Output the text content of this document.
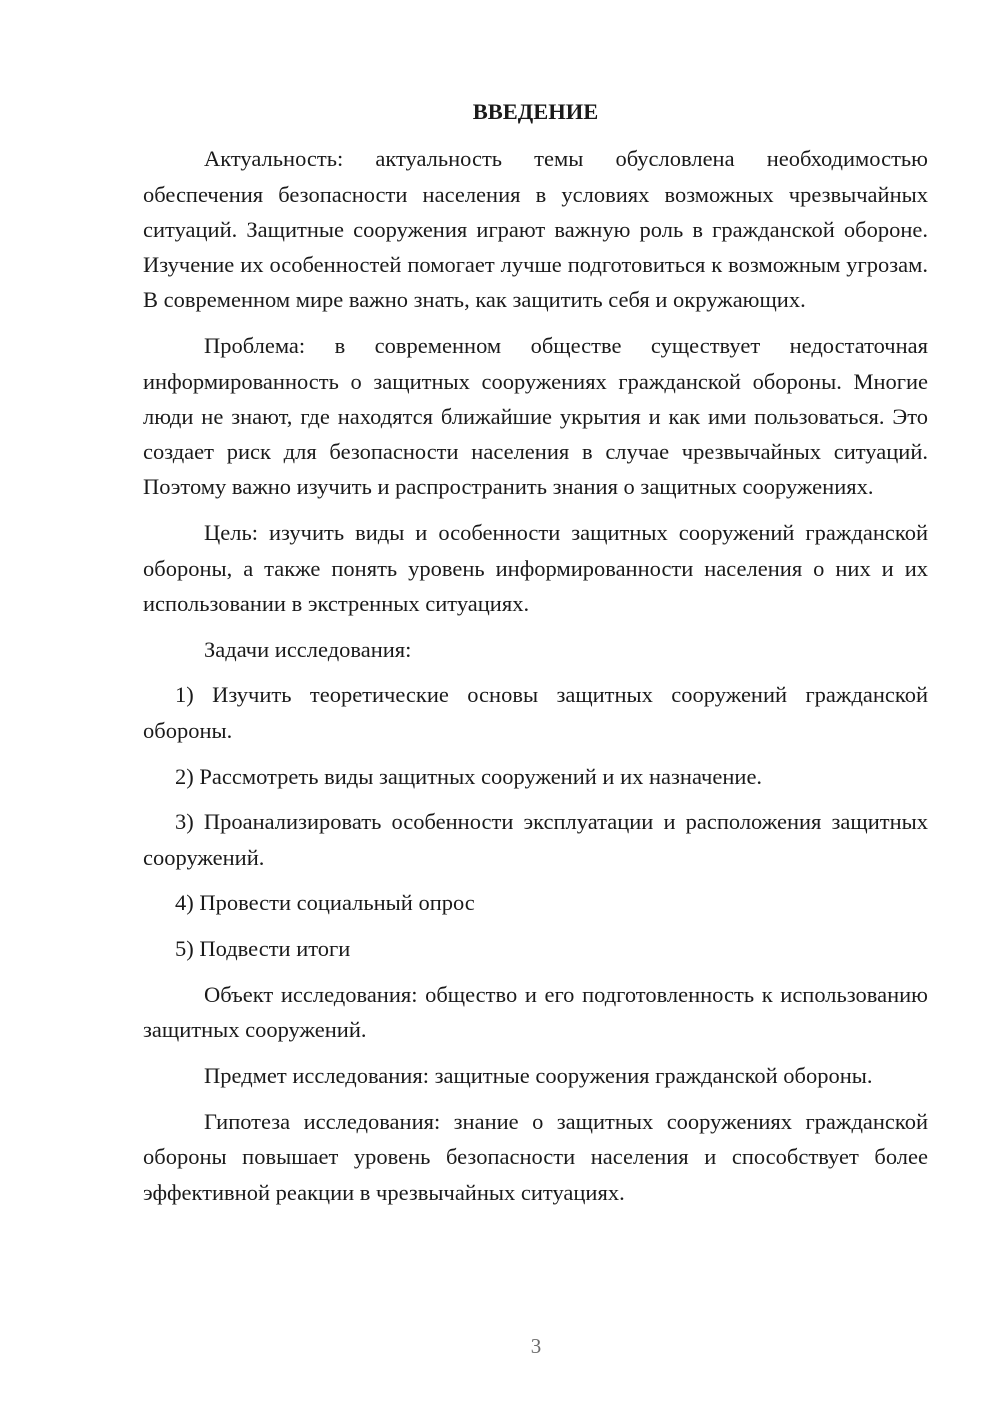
ВВЕДЕНИЕ

Актуальность: актуальность темы обусловлена необходимостью обеспечения безопасности населения в условиях возможных чрезвычайных ситуаций. Защитные сооружения играют важную роль в гражданской обороне. Изучение их особенностей помогает лучше подготовиться к возможным угрозам. В современном мире важно знать, как защитить себя и окружающих.

Проблема: в современном обществе существует недостаточная информированность о защитных сооружениях гражданской обороны. Многие люди не знают, где находятся ближайшие укрытия и как ими пользоваться. Это создает риск для безопасности населения в случае чрезвычайных ситуаций. Поэтому важно изучить и распространить знания о защитных сооружениях.

Цель: изучить виды и особенности защитных сооружений гражданской обороны, а также понять уровень информированности населения о них и их использовании в экстренных ситуациях.

Задачи исследования:

1) Изучить теоретические основы защитных сооружений гражданской обороны.

2) Рассмотреть виды защитных сооружений и их назначение.

3) Проанализировать особенности эксплуатации и расположения защитных сооружений.

4) Провести социальный опрос

5) Подвести итоги

Объект исследования: общество и его подготовленность к использованию защитных сооружений.

Предмет исследования: защитные сооружения гражданской обороны.

Гипотеза исследования: знание о защитных сооружениях гражданской обороны повышает уровень безопасности населения и способствует более эффективной реакции в чрезвычайных ситуациях.

3
